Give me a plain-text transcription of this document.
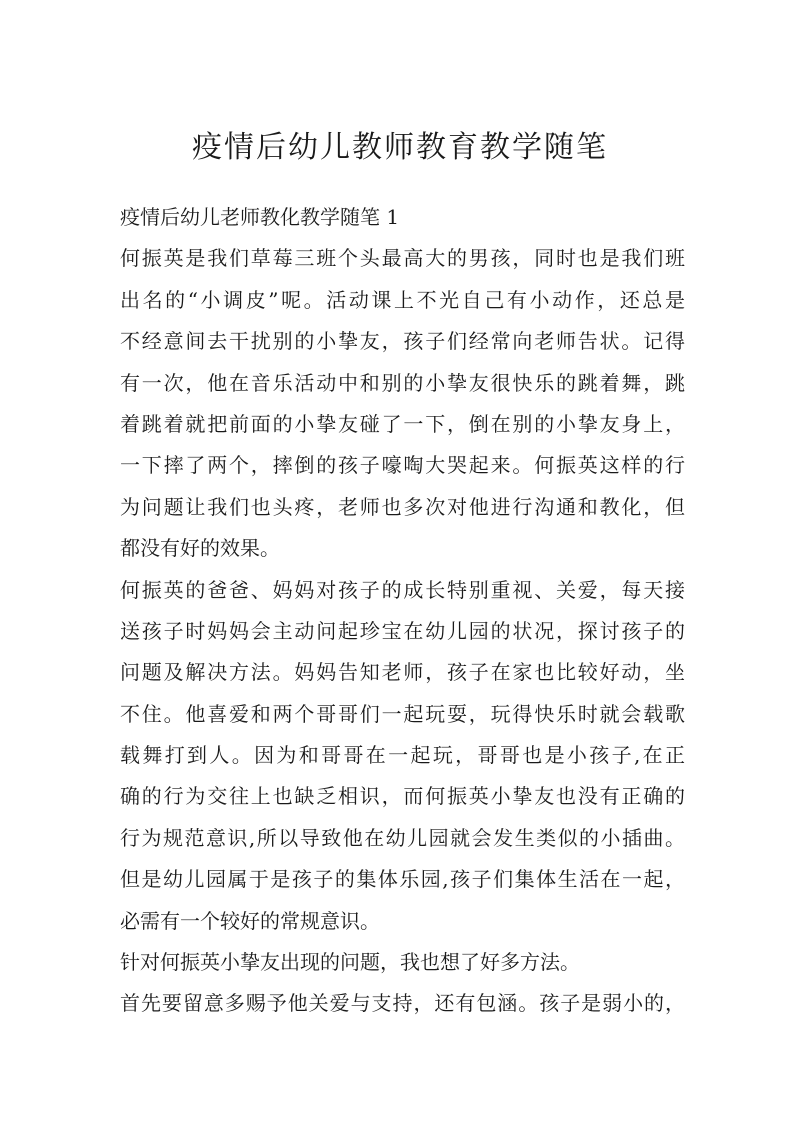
疫情后幼儿教师教育教学随笔
疫情后幼儿老师教化教学随笔 1
何振英是我们草莓三班个头最高大的男孩，同时也是我们班
出名的“小调皮”呢。活动课上不光自己有小动作，还总是
不经意间去干扰别的小挚友，孩子们经常向老师告状。记得
有一次，他在音乐活动中和别的小挚友很快乐的跳着舞，跳
着跳着就把前面的小挚友碰了一下，倒在别的小挚友身上，
一下摔了两个，摔倒的孩子嚎啕大哭起来。何振英这样的行
为问题让我们也头疼，老师也多次对他进行沟通和教化，但
都没有好的效果。
何振英的爸爸、妈妈对孩子的成长特别重视、关爱，每天接
送孩子时妈妈会主动问起珍宝在幼儿园的状况，探讨孩子的
问题及解决方法。妈妈告知老师，孩子在家也比较好动，坐
不住。他喜爱和两个哥哥们一起玩耍，玩得快乐时就会载歌
载舞打到人。因为和哥哥在一起玩，哥哥也是小孩子,在正
确的行为交往上也缺乏相识，而何振英小挚友也没有正确的
行为规范意识,所以导致他在幼儿园就会发生类似的小插曲。
但是幼儿园属于是孩子的集体乐园,孩子们集体生活在一起，
必需有一个较好的常规意识。
针对何振英小挚友出现的问题，我也想了好多方法。
首先要留意多赐予他关爱与支持，还有包涵。孩子是弱小的，
